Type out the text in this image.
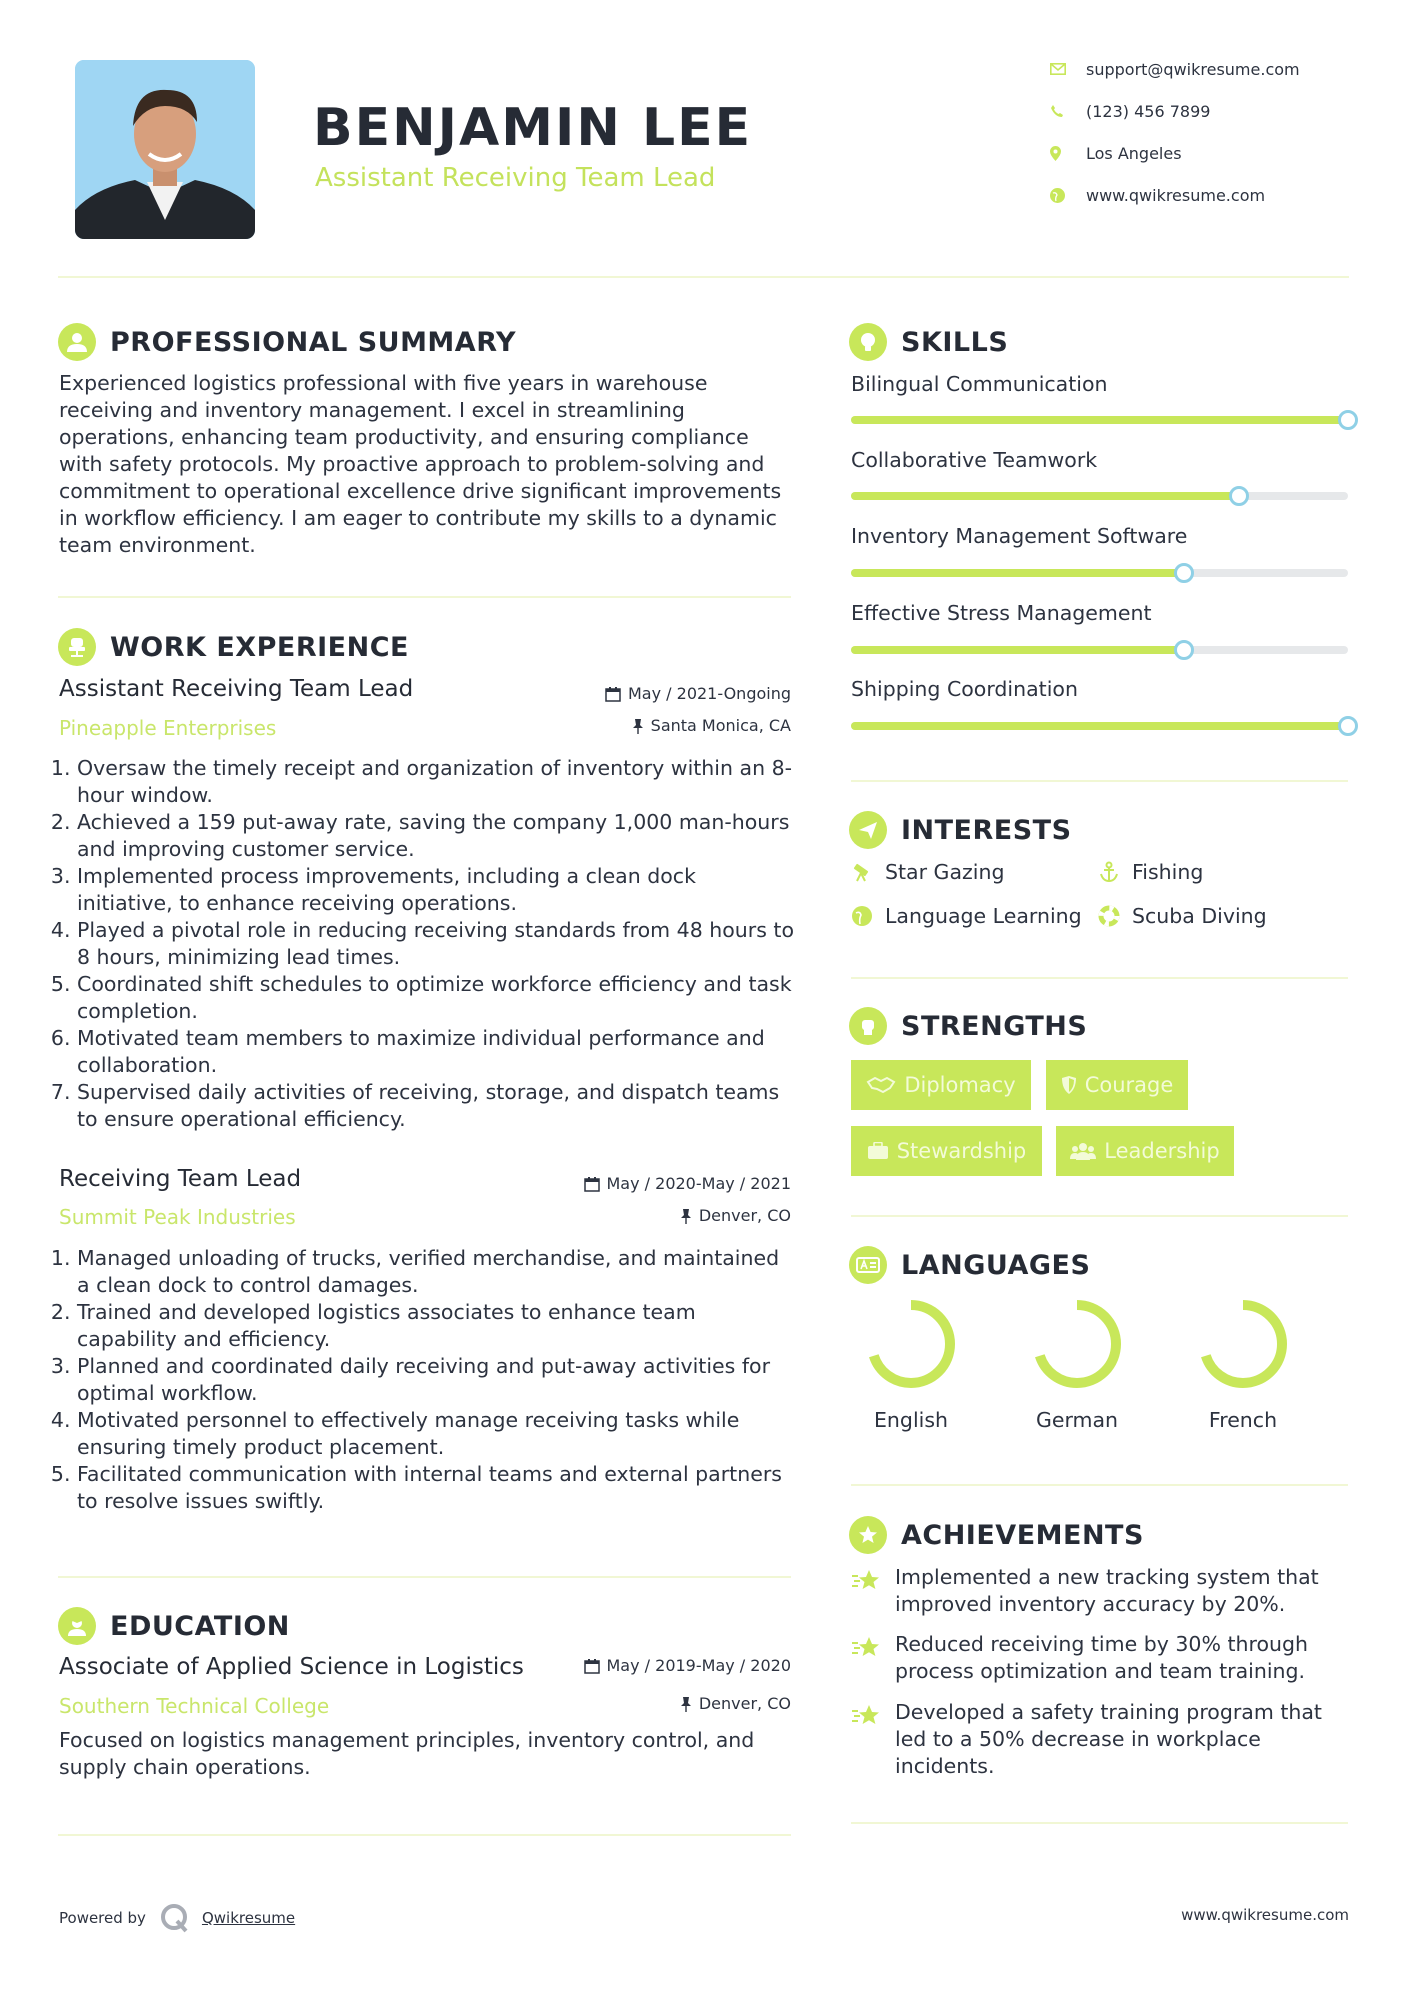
BENJAMIN LEE
Assistant Receiving Team Lead
support@qwikresume.com
(123) 456 7899
Los Angeles
www.qwikresume.com
PROFESSIONAL SUMMARY
Experienced logistics professional with five years in warehouse receiving and inventory management. I excel in streamlining operations, enhancing team productivity, and ensuring compliance with safety protocols. My proactive approach to problem-solving and commitment to operational excellence drive significant improvements in workflow efficiency. I am eager to contribute my skills to a dynamic team environment.
WORK EXPERIENCE
Assistant Receiving Team Lead
Pineapple Enterprises
May / 2021-Ongoing
Santa Monica, CA
1. Oversaw the timely receipt and organization of inventory within an 8-hour window.
2. Achieved a 159 put-away rate, saving the company 1,000 man-hours and improving customer service.
3. Implemented process improvements, including a clean dock initiative, to enhance receiving operations.
4. Played a pivotal role in reducing receiving standards from 48 hours to 8 hours, minimizing lead times.
5. Coordinated shift schedules to optimize workforce efficiency and task completion.
6. Motivated team members to maximize individual performance and collaboration.
7. Supervised daily activities of receiving, storage, and dispatch teams to ensure operational efficiency.
Receiving Team Lead
Summit Peak Industries
May / 2020-May / 2021
Denver, CO
1. Managed unloading of trucks, verified merchandise, and maintained a clean dock to control damages.
2. Trained and developed logistics associates to enhance team capability and efficiency.
3. Planned and coordinated daily receiving and put-away activities for optimal workflow.
4. Motivated personnel to effectively manage receiving tasks while ensuring timely product placement.
5. Facilitated communication with internal teams and external partners to resolve issues swiftly.
EDUCATION
Associate of Applied Science in Logistics
Southern Technical College
May / 2019-May / 2020
Denver, CO
Focused on logistics management principles, inventory control, and supply chain operations.
SKILLS
Bilingual Communication
Collaborative Teamwork
Inventory Management Software
Effective Stress Management
Shipping Coordination
INTERESTS
Star Gazing	Fishing
Language Learning Scuba Diving
STRENGTHS
Diplomacy	Courage
Stewardship	Leadership
LANGUAGES
English	German	French
ACHIEVEMENTS
Implemented a new tracking system that improved inventory accuracy by 20%.
Reduced receiving time by 30% through process optimization and team training.
Developed a safety training program that led to a 50% decrease in workplace incidents.
Powered by	Qwikresume	www.qwikresume.com
